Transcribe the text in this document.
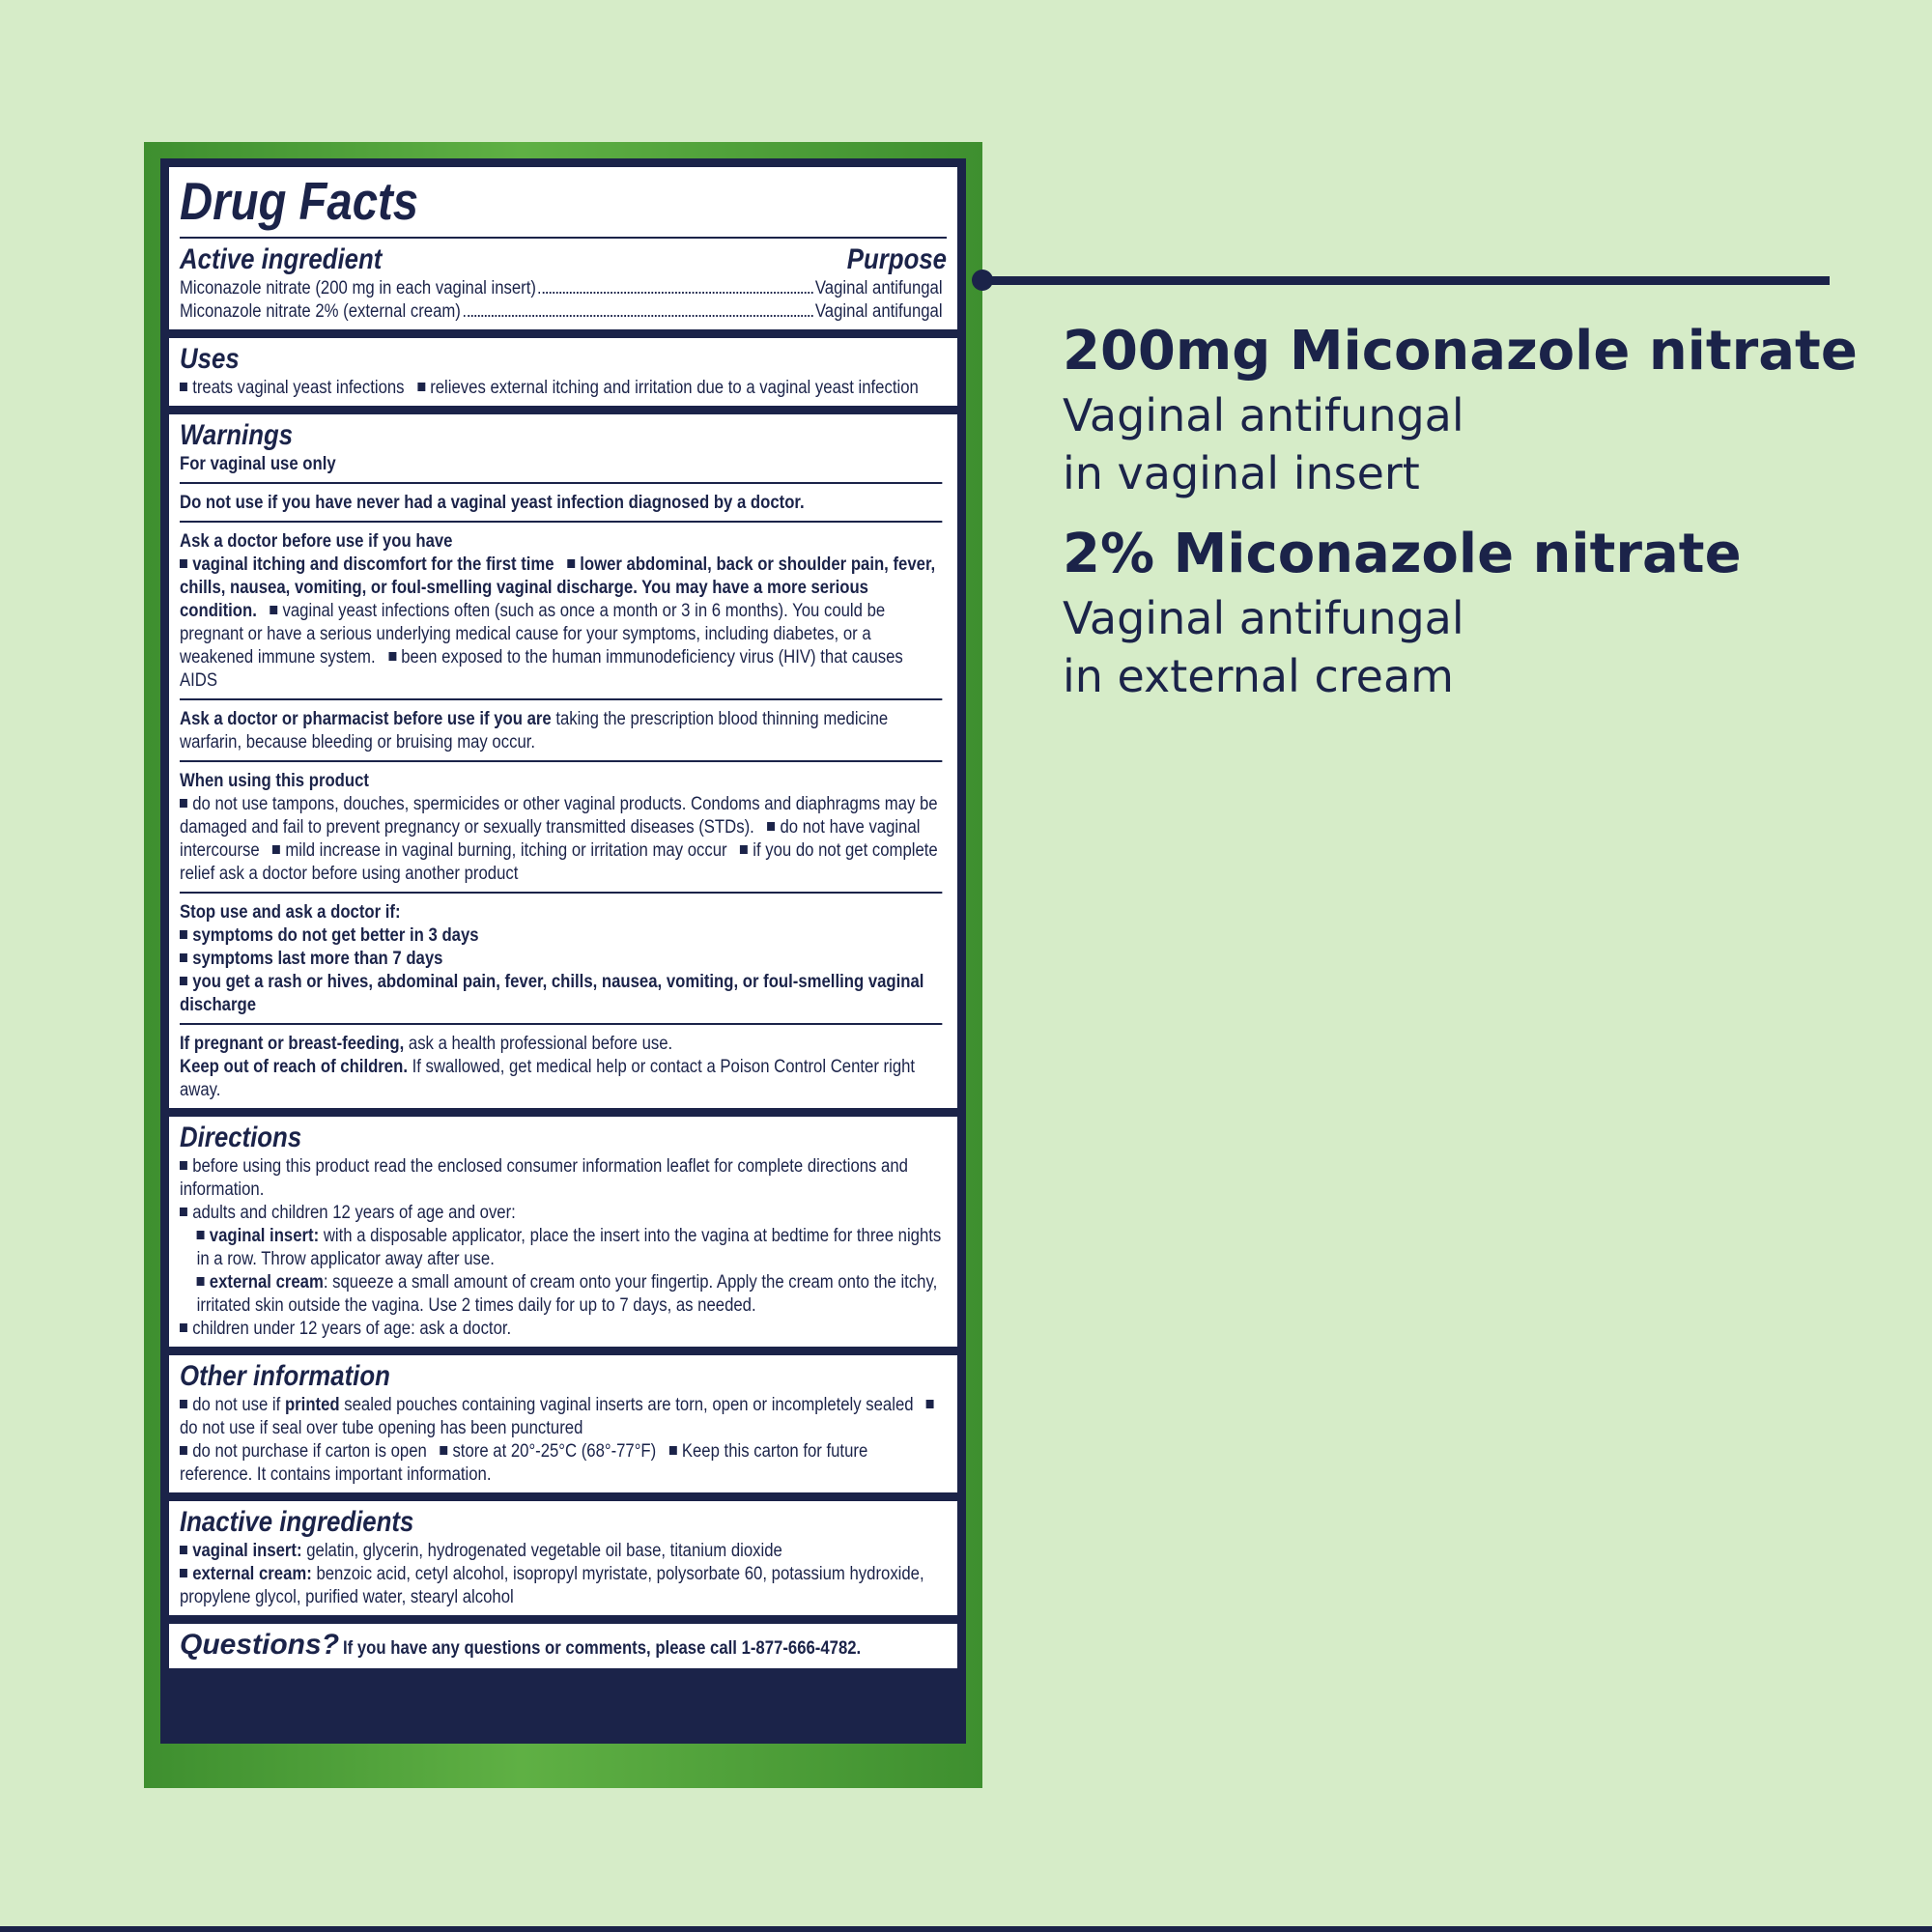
Drug Facts
Active ingredient	Purpose
Miconazole nitrate (200 mg in each vaginal insert)	Vaginal antifungal
Miconazole nitrate 2% (external cream)	Vaginal antifungal
Uses
treats vaginal yeast infections relieves external itching and irritation due to a vaginal yeast infection
Warnings
For vaginal use only
Do not use if you have never had a vaginal yeast infection diagnosed by a doctor.
Ask a doctor before use if you have
vaginal itching and discomfort for the first time lower abdominal, back or shoulder pain, fever, chills, nausea, vomiting, or foul-smelling vaginal discharge. You may have a more serious condition. vaginal yeast infections often (such as once a month or 3 in 6 months). You could be pregnant or have a serious underlying medical cause for your symptoms, including diabetes, or a weakened immune system. been exposed to the human immunodeficiency virus (HIV) that causes AIDS
Ask a doctor or pharmacist before use if you are taking the prescription blood thinning medicine warfarin, because bleeding or bruising may occur.
When using this product
do not use tampons, douches, spermicides or other vaginal products. Condoms and diaphragms may be damaged and fail to prevent pregnancy or sexually transmitted diseases (STDs). do not have vaginal intercourse mild increase in vaginal burning, itching or irritation may occur if you do not get complete relief ask a doctor before using another product
Stop use and ask a doctor if:
symptoms do not get better in 3 days
symptoms last more than 7 days
you get a rash or hives, abdominal pain, fever, chills, nausea, vomiting, or foul-smelling vaginal discharge
If pregnant or breast-feeding, ask a health professional before use.
Keep out of reach of children. If swallowed, get medical help or contact a Poison Control Center right away.
Directions
before using this product read the enclosed consumer information leaflet for complete directions and information.
adults and children 12 years of age and over:
vaginal insert: with a disposable applicator, place the insert into the vagina at bedtime for three nights in a row. Throw applicator away after use.
external cream: squeeze a small amount of cream onto your fingertip. Apply the cream onto the itchy, irritated skin outside the vagina. Use 2 times daily for up to 7 days, as needed.
children under 12 years of age: ask a doctor.
Other information
do not use if printed sealed pouches containing vaginal inserts are torn, open or incompletely sealed do not use if seal over tube opening has been punctured
do not purchase if carton is open store at 20°-25°C (68°-77°F) Keep this carton for future reference. It contains important information.
Inactive ingredients
vaginal insert: gelatin, glycerin, hydrogenated vegetable oil base, titanium dioxide
external cream: benzoic acid, cetyl alcohol, isopropyl myristate, polysorbate 60, potassium hydroxide, propylene glycol, purified water, stearyl alcohol
Questions? If you have any questions or comments, please call 1-877-666-4782.
200mg Miconazole nitrate
Vaginal antifungal
in vaginal insert
2% Miconazole nitrate
Vaginal antifungal
in external cream
